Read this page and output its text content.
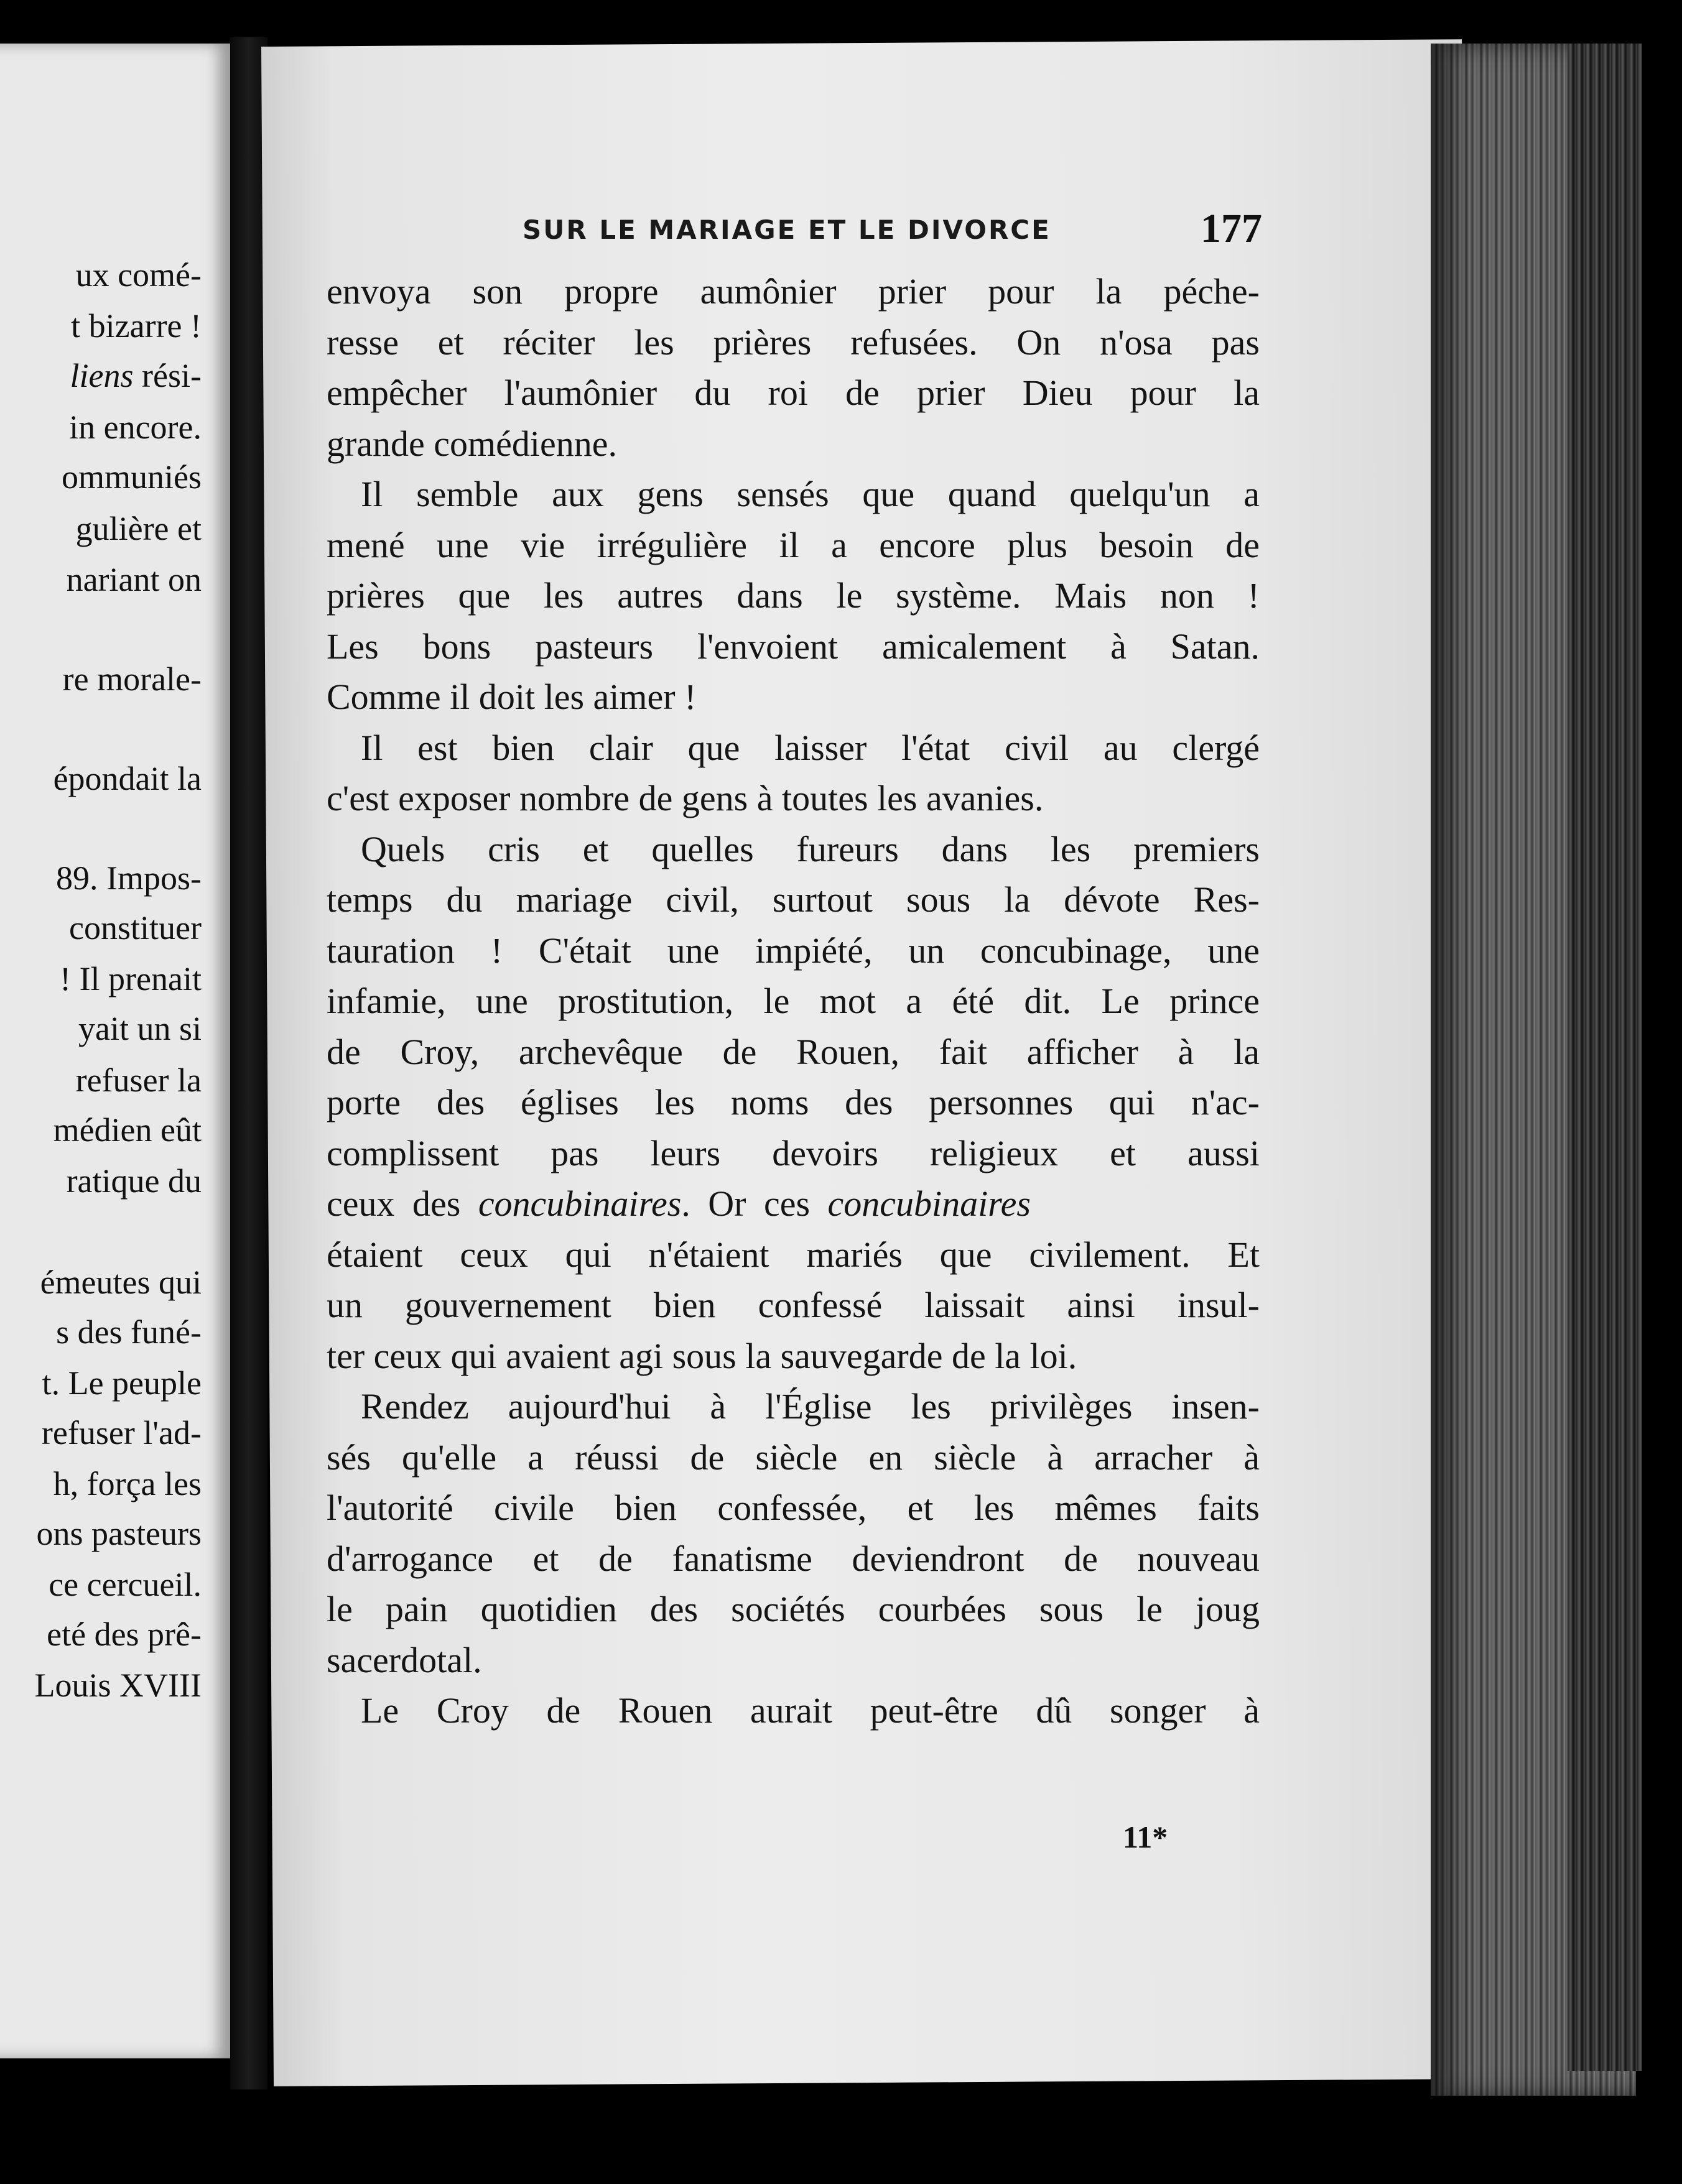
ux comé-
t bizarre !
liens rési-
in encore.
ommuniés
gulière et
nariant on
re morale-
épondait la
89. Impos-
constituer
! Il prenait
yait un si
refuser la
médien eût
ratique du
émeutes qui
s des funé-
t. Le peuple
refuser l'ad-
h, força les
ons pasteurs
ce cercueil.
eté des prê-
Louis XVIII
SUR LE MARIAGE ET LE DIVORCE	177
envoya son propre aumônier prier pour la péche-
resse et réciter les prières refusées. On n'osa pas
empêcher l'aumônier du roi de prier Dieu pour la
grande comédienne.
Il semble aux gens sensés que quand quelqu'un a
mené une vie irrégulière il a encore plus besoin de
prières que les autres dans le système. Mais non !
Les bons pasteurs l'envoient amicalement à Satan.
Comme il doit les aimer !
Il est bien clair que laisser l'état civil au clergé
c'est exposer nombre de gens à toutes les avanies.
Quels cris et quelles fureurs dans les premiers
temps du mariage civil, surtout sous la dévote Res-
tauration ! C'était une impiété, un concubinage, une
infamie, une prostitution, le mot a été dit. Le prince
de Croy, archevêque de Rouen, fait afficher à la
porte des églises les noms des personnes qui n'ac-
complissent pas leurs devoirs religieux et aussi
ceux des concubinaires. Or ces concubinaires
étaient ceux qui n'étaient mariés que civilement. Et
un gouvernement bien confessé laissait ainsi insul-
ter ceux qui avaient agi sous la sauvegarde de la loi.
Rendez aujourd'hui à l'Église les privilèges insen-
sés qu'elle a réussi de siècle en siècle à arracher à
l'autorité civile bien confessée, et les mêmes faits
d'arrogance et de fanatisme deviendront de nouveau
le pain quotidien des sociétés courbées sous le joug
sacerdotal.
Le Croy de Rouen aurait peut-être dû songer à
11*
